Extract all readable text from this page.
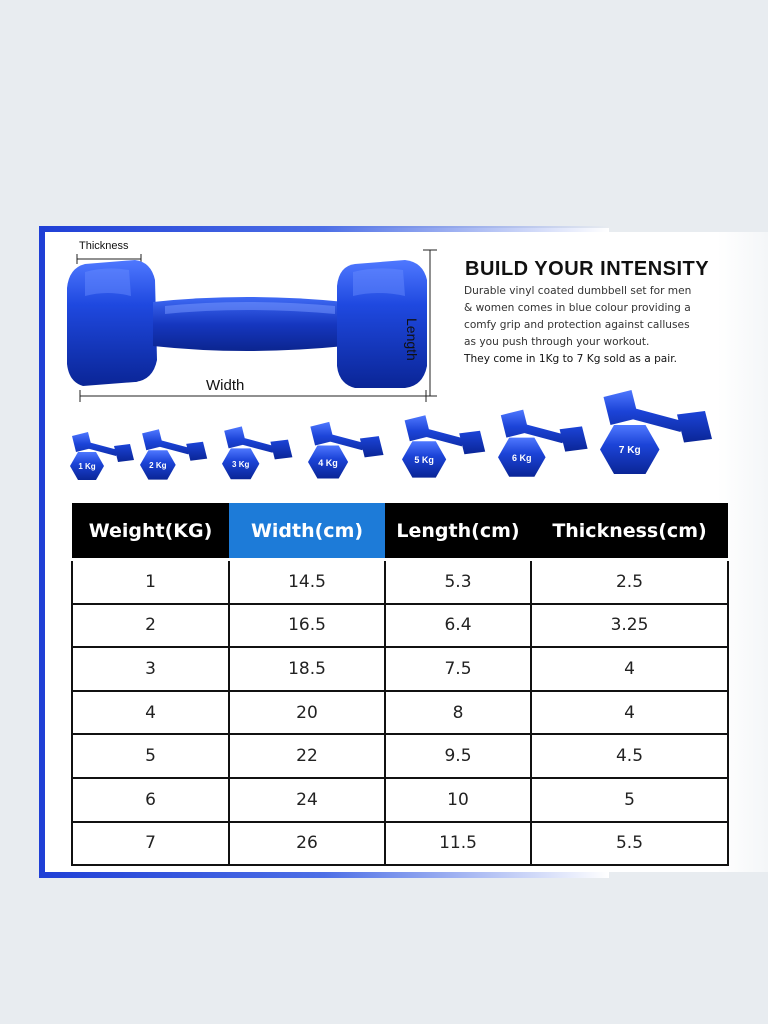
Thickness
Width
Length
BUILD YOUR INTENSITY
Durable vinyl coated dumbbell set for men
& women comes in blue colour providing a
comfy grip and protection against calluses
as you push through your workout.
They come in 1Kg to 7 Kg sold as a pair.
1 Kg	2 Kg	3 Kg	4 Kg	5 Kg	6 Kg
7 Kg
Weight(KG)	Width(cm)	Length(cm)	Thickness(cm)
1	14.5	5.3	2.5
2	16.5	6.4	3.25
3	18.5	7.5	4
4	20	8	4
5	22	9.5	4.5
6	24	10	5
7	26	11.5	5.5
